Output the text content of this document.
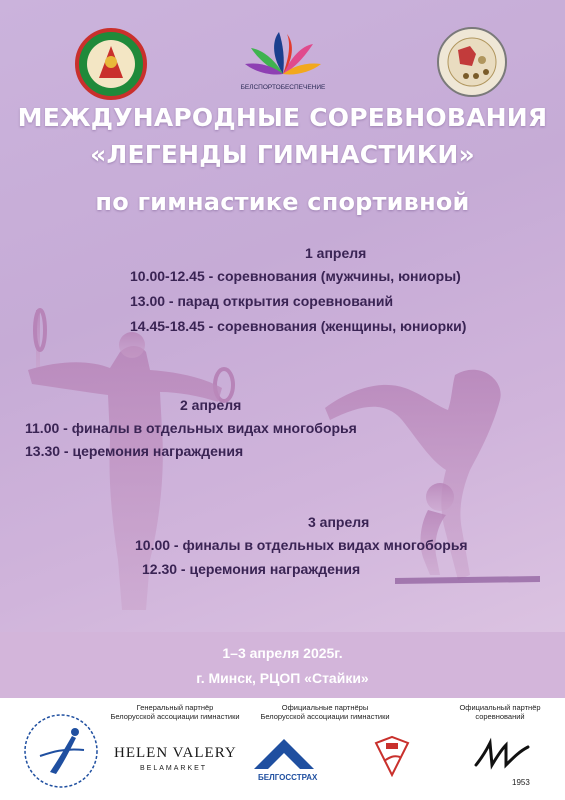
БЕЛСПОРТОБЕСПЕЧЕНИЕ
МЕЖДУНАРОДНЫЕ СОРЕВНОВАНИЯ
«ЛЕГЕНДЫ ГИМНАСТИКИ»
по гимнастике спортивной
1 апреля
10.00-12.45 - соревнования (мужчины, юниоры)
13.00 - парад открытия соревнований
14.45-18.45 - соревнования (женщины, юниорки)
2 апреля
11.00 - финалы в отдельных видах многоборья
13.30 - церемония награждения
3 апреля
10.00 - финалы в отдельных видах многоборья
12.30 - церемония награждения
1–3 апреля 2025г.
г. Минск, РЦОП «Стайки»
Генеральный партнёр
Белорусской ассоциации гимнастики
HELEN VALERY
BELAMARKET
Официальные партнёры
Белорусской ассоциации гимнастики
БЕЛГОССТРАХ
Официальный партнёр
соревнований
1953
